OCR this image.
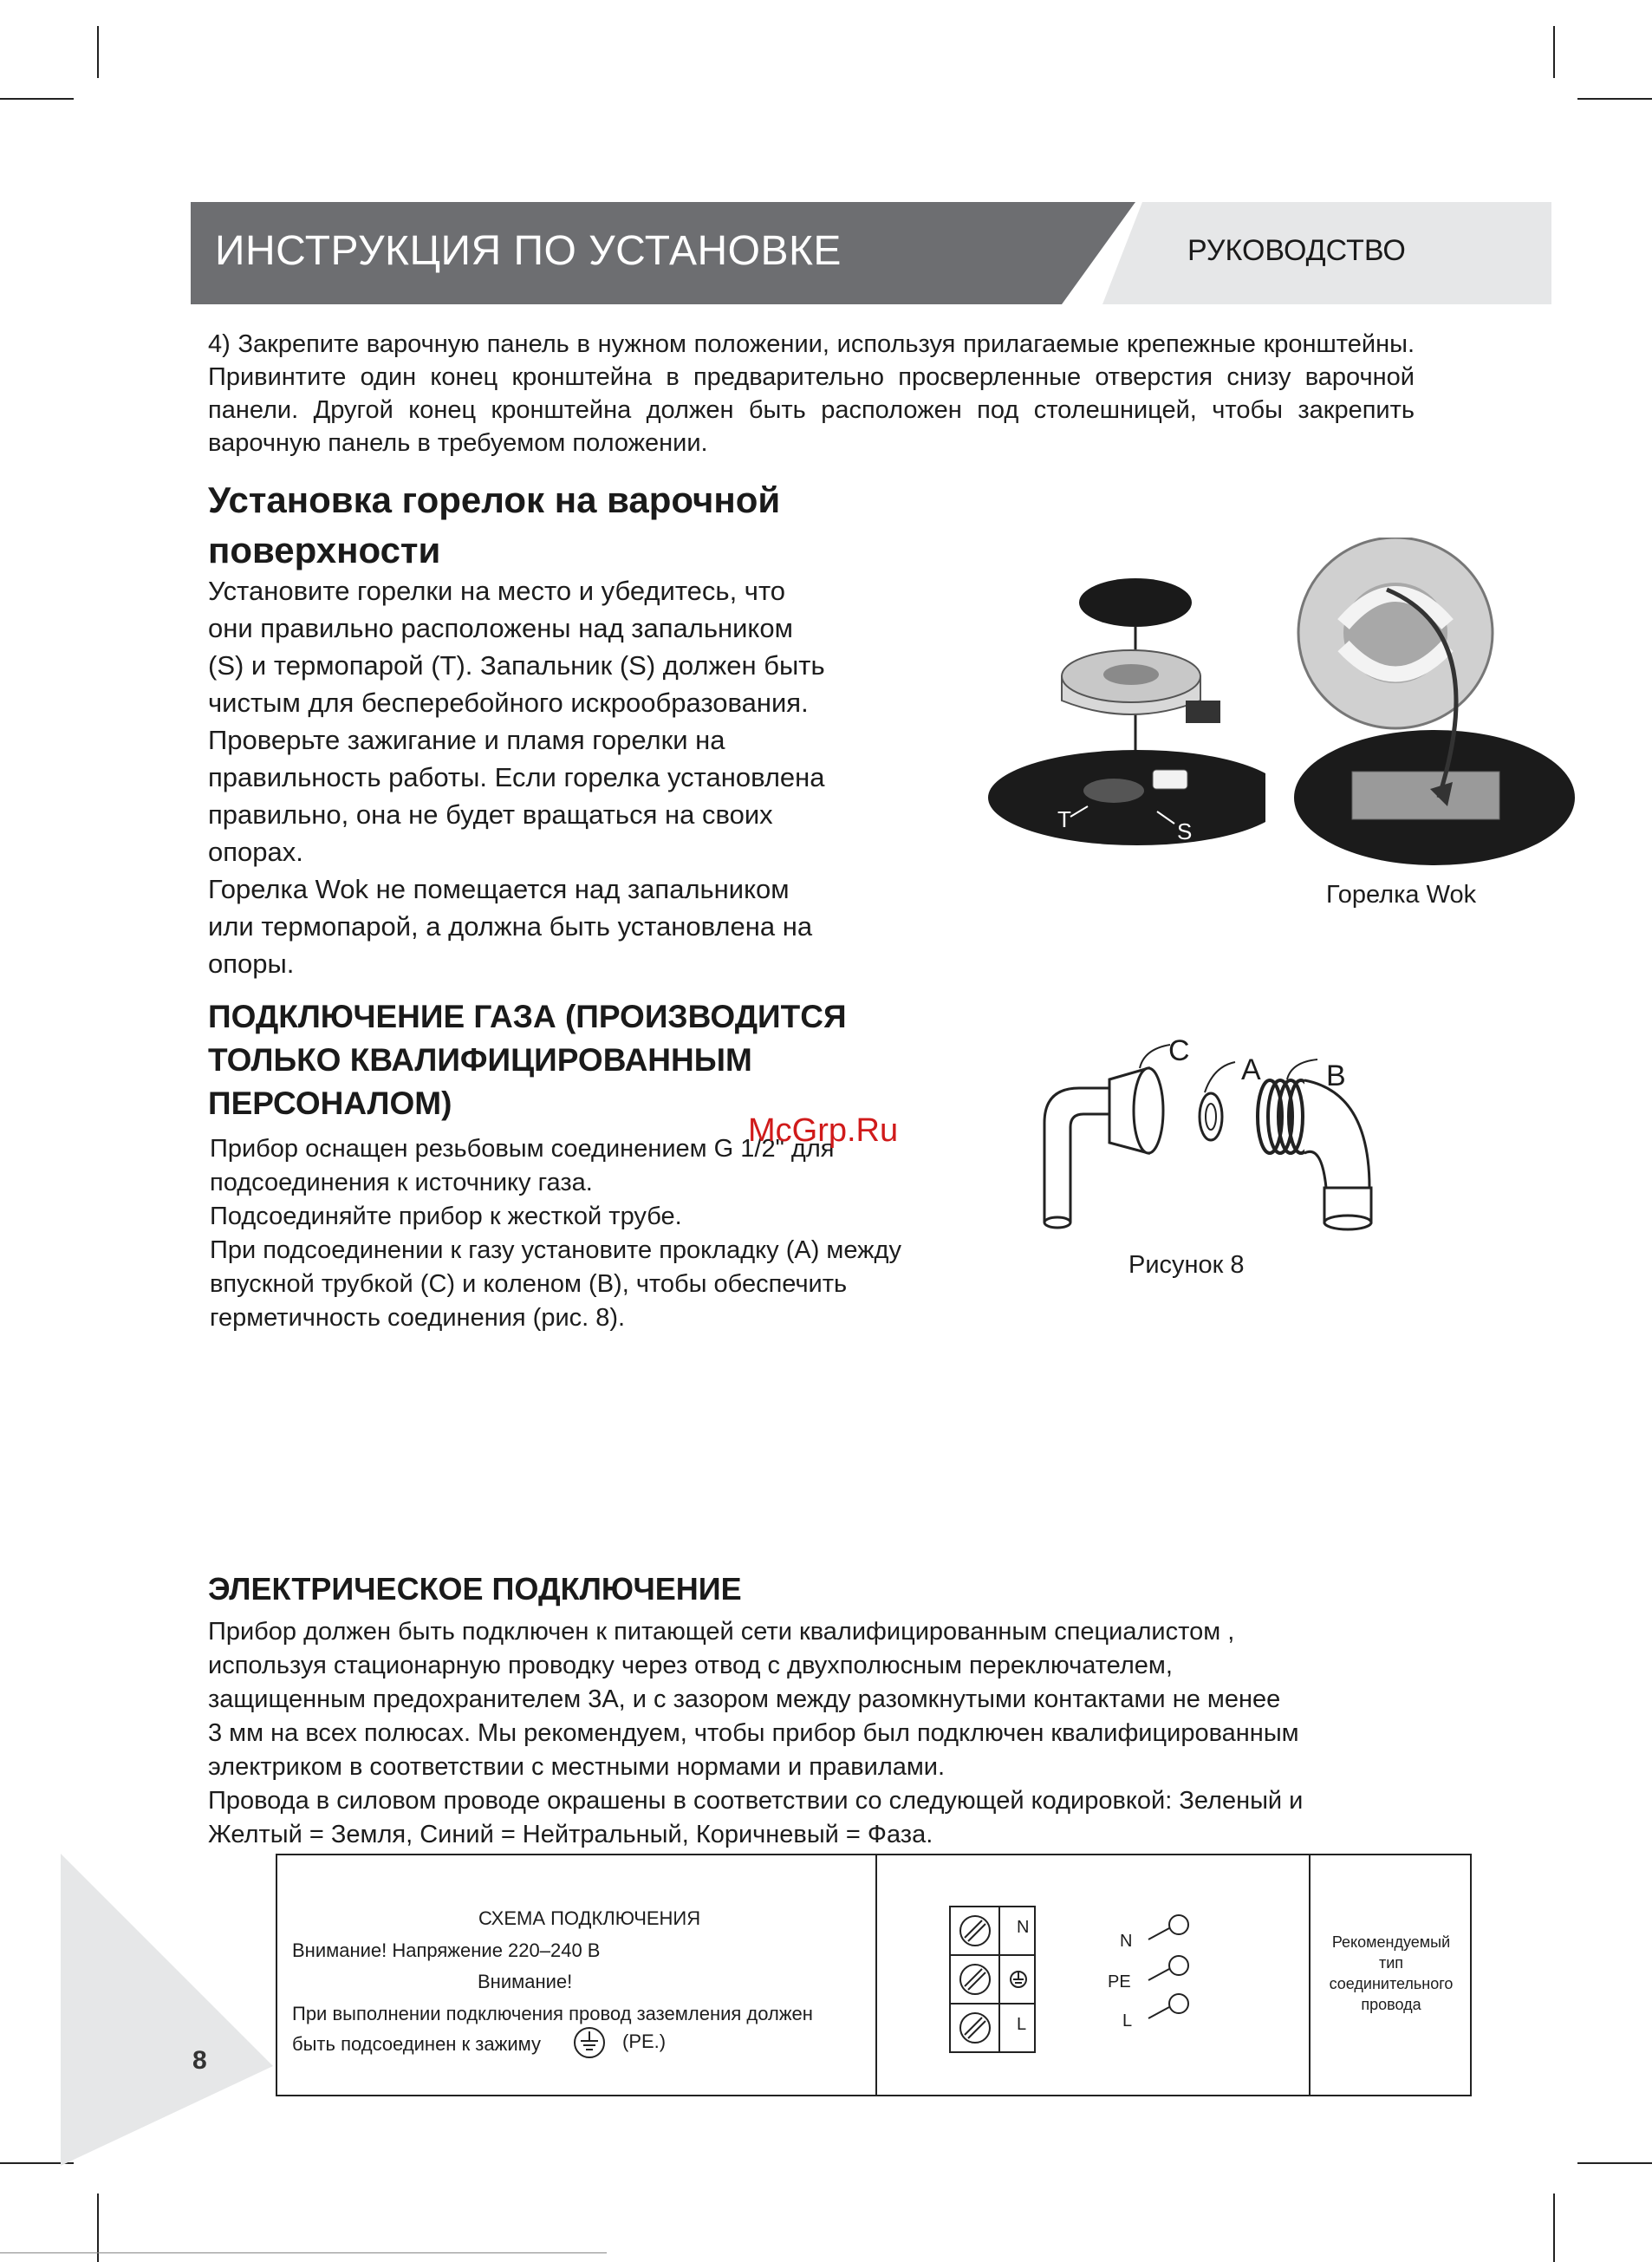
ИНСТРУКЦИЯ ПО УСТАНОВКЕ	РУКОВОДСТВО
4) Закрепите варочную панель в нужном положении, используя прилагаемые крепежные кронштейны. Привинтите один конец кронштейна в предварительно просверленные отверстия снизу варочной панели. Другой конец кронштейна должен быть расположен под столешницей, чтобы закрепить варочную панель в требуемом положении.
Установка горелок на варочной
поверхности
Установите горелки на место и убедитесь, что
они правильно расположены над запальником
(S) и термопарой (T). Запальник (S) должен быть
чистым для бесперебойного искрообразования.
Проверьте зажигание и пламя горелки на
правильность работы. Если горелка установлена
правильно, она не будет вращаться на своих
опорах.
Горелка Wok не помещается над запальником
или термопарой, а должна быть установлена на
опоры.
T	S
Горелка Wok
ПОДКЛЮЧЕНИЕ ГАЗА (ПРОИЗВОДИТСЯ
ТОЛЬКО КВАЛИФИЦИРОВАННЫМ
ПЕРСОНАЛОМ)
Прибор оснащен резьбовым соединением G 1/2" для
подсоединения к источнику газа.
Подсоединяйте прибор к жесткой трубе.
При подсоединении к газу установите прокладку (A) между
впускной трубкой (C) и коленом (B), чтобы обеспечить
герметичность соединения (рис. 8).
McGrp.Ru
C
A B
Рисунок 8
ЭЛЕКТРИЧЕСКОЕ ПОДКЛЮЧЕНИЕ
Прибор должен быть подключен к питающей сети квалифицированным специалистом ,
используя стационарную проводку через отвод с двухполюсным переключателем,
защищенным предохранителем 3А, и с зазором между разомкнутыми контактами не менее
3 мм на всех полюсах. Мы рекомендуем, чтобы прибор был подключен квалифицированным
электриком в соответствии с местными нормами и правилами.
Провода в силовом проводе окрашены в соответствии со следующей кодировкой: Зеленый и
Желтый = Земля, Синий = Нейтральный, Коричневый = Фаза.
8
СХЕМА ПОДКЛЮЧЕНИЯ
Внимание! Напряжение 220–240 В
Внимание!
При выполнении подключения провод заземления должен
быть подсоединен к зажиму	(PE.)
N
L
N
PE
L
Рекомендуемый
тип
соединительного
провода
